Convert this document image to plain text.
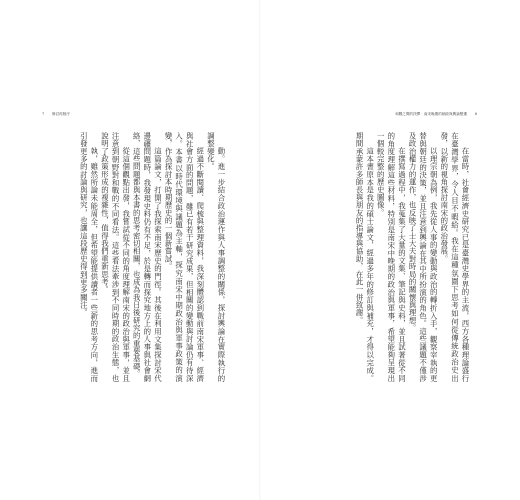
7 修訂再版序	和戰之間的抉擇：南宋晚期的朝政與輿論變遷 6

動。進一步結合政治運作與人事調整的關係，探討輿論在實際執行的調整變化。

經過不斷閱讀、爬梳與整理資料，我深刻體認到戰前南宋軍事、經濟與社會方面的問題，雖已有若干研究成果，但相關的變動與討論仍有待深入。本書以時代環境與議題為主軸，探究南宋中期政治與軍事政策的演變，作為探討本時期歷史的一個新嘗試。

這篇論文，打開了我探索南宋歷史的門徑。其後在利用文集探討宋代邊疆問題時，我發現史料仍有不足，於是轉而探究地方上的人事與社會網絡，這些問題都與本書的思考密切相關，也成為我日後研究的重要基礎。

從這個觀點出發，我嘗試從不同的角度理解南宋的政治與軍事，並且注意到朝野對和戰的不同看法。這些看法牽涉到不同時期的政治生態，也說明了政策形成的複雜性，值得我們重新思考。

執，雖然所論未能周全，但希望能提供讀者一些新的思考方向，進而引發更多的討論與研究，也讓這段歷史得到更多關注。	在當時，社會經濟史研究已是臺灣史學界的主流，西方各種理論盛行在臺灣學界，令人目不暇給。我在這種氛圍下思考如何從傳統政治史出發，以新的視角探討南宋的政治發展。

以理宗朝為例，我先從人事的變動與政治的轉折入手，觀察宰執的更替與朝廷的決策，並且注意到輿論在其中所扮演的角色。這些議題不僅涉及政治權力的運作，也反映了士大夫對時局的關懷與理想。

在撰寫過程中，我蒐集了大量的文集、筆記與史料，並且試著從不同的角度理解這些材料，特別是南宋中晚期的政治與軍事，希望能夠呈現出一個較完整的歷史圖像。

這本書原本是我的碩士論文，經過多年的修訂與補充，才得以完成。期間承蒙許多師長與朋友的指導與協助，在此一併致謝。
